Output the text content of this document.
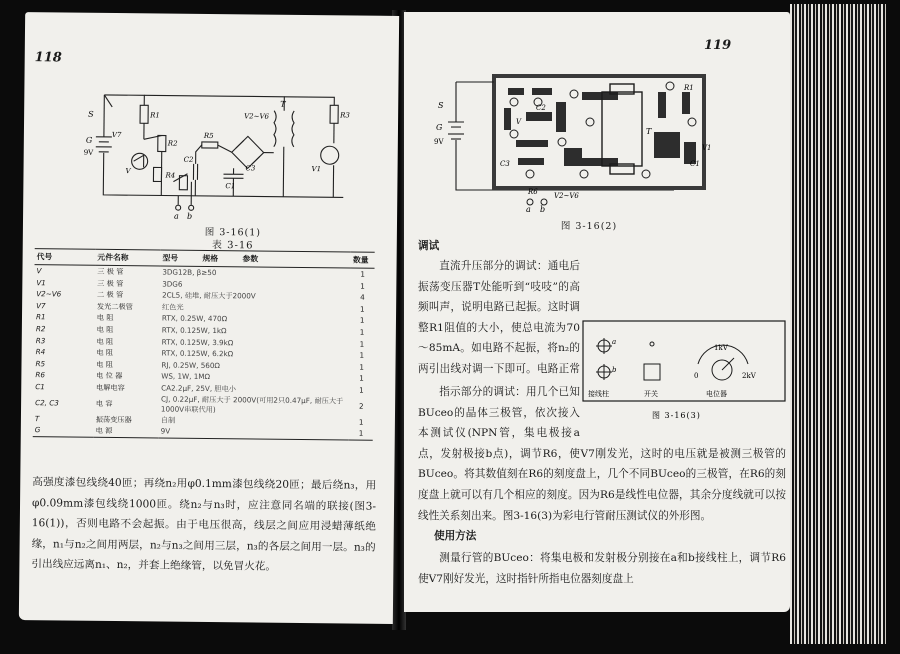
118
S
G
9V
R1
R2
R4
R3
R5
V	V1
V7
T
V2~V6
C1
C2
C3
a b
图 3-16(1)
表 3-16
代号	元件名称	型号 规格 参数	数量
V	三 极 管	3DG12B, β≥50	1
V1	三 极 管	3DG6	1
V2~V6	二 极 管	2CL5, 硅堆, 耐压大于2000V	4
V7	发光二极管	红色光	1
R1	电 阻	RTX, 0.25W, 470Ω	1
R2	电 阻	RTX, 0.125W, 1kΩ	1
R3	电 阻	RTX, 0.125W, 3.9kΩ	1
R4	电 阻	RTX, 0.125W, 6.2kΩ	1
R5	电 阻	RJ, 0.25W, 560Ω	1
R6	电 位 器	WS, 1W, 1MΩ	1
C1	电解电容	CA2.2μF, 25V, 胆电小	1
C2, C3	电 容	CJ, 0.22μF, 耐压大于 2000V(可用2只0.47μF, 耐压大于1000V串联代用)	2
T	振荡变压器	自制	1
G	电 源	9V	1

高强度漆包线绕40匝；再绕n₂用φ0.1mm漆包线绕20匝；最后绕n₃，用φ0.09mm漆包线绕1000匝。绕n₂与n₃时，应注意同名端的联接(图3-16(1))，否则电路不会起振。由于电压很高，线层之间应用浸蜡薄纸绝缘，n₁与n₂之间用两层，n₂与n₃之间用三层，n₃的各层之间用一层。n₃的引出线应远离n₁、n₂，并套上绝缘管，以免冒火花。

119
S
G
9V
R1
T
V
V1
C1
C2
C3
R6 V2~V6
a b
图 3-16(2)
调试

直流升压部分的调试：通电后振荡变压器T处能听到“吱吱”的高频叫声，说明电路已起振。这时调整R1阻值的大小，使总电流为70～85mA。如电路不起振，将n₂的两引出线对调一下即可。电路正常

a
b
接线柱	开关	电位器
1kV
0	2kV
图 3-16(3)

指示部分的调试：用几个已知BUceo的晶体三极管，依次接入本测试仪(NPN管，集电极接a点，发射极接b点)，调节R6，使V7刚发光，这时的电压就是被测三极管的BUceo。将其数值刻在R6的刻度盘上，几个不同BUceo的三极管，在R6的刻度盘上就可以有几个相应的刻度。因为R6是线性电位器，其余分度线就可以按线性关系刻出来。图3-16(3)为彩电行管耐压测试仪的外形图。

使用方法

测量行管的BUceo：将集电极和发射极分别接在a和b接线柱上，调节R6使V7刚好发光，这时指针所指电位器刻度盘上
